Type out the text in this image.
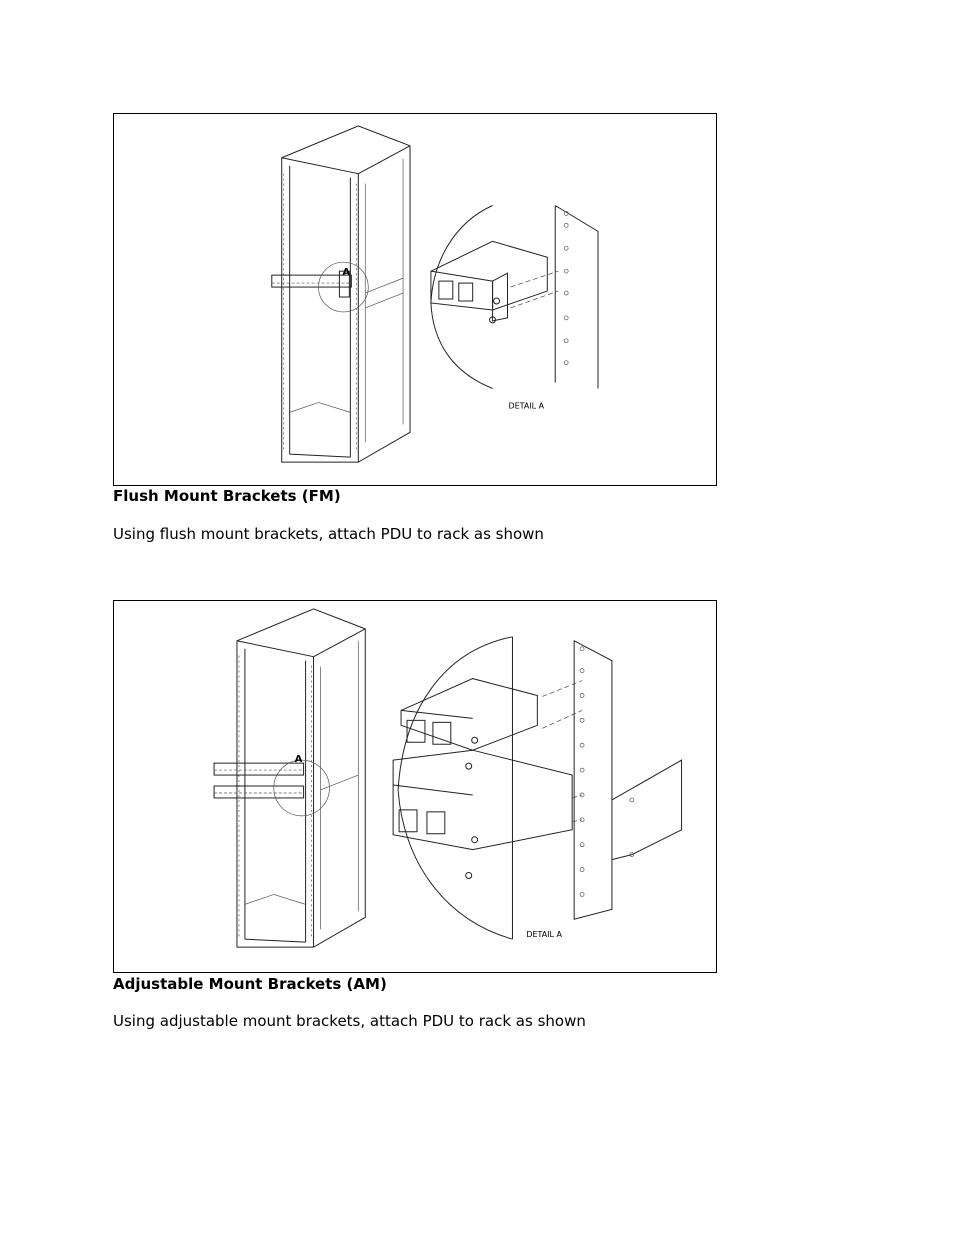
A
DETAIL A

Flush Mount Brackets (FM)

Using flush mount brackets, attach PDU to rack as shown

A
DETAIL A

Adjustable Mount Brackets (AM)

Using adjustable mount brackets, attach PDU to rack as shown
